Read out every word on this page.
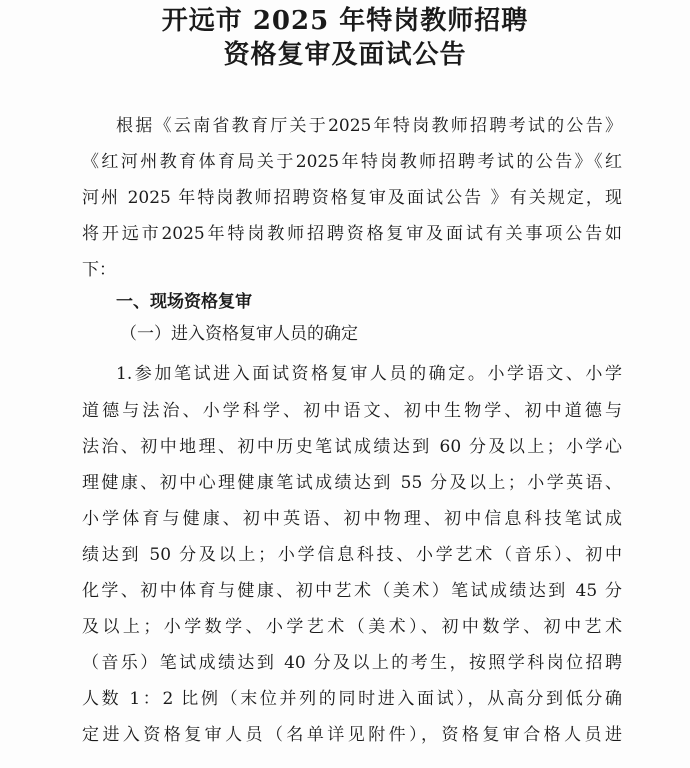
开远市 2025 年特岗教师招聘
资格复审及面试公告
根据《云南省教育厅关于2025年特岗教师招聘考试的公告》
《红河州教育体育局关于2025年特岗教师招聘考试的公告》《红
河州 2025 年特岗教师招聘资格复审及面试公告 》有关规定，现
将开远市2025年特岗教师招聘资格复审及面试有关事项公告如
下：
一、现场资格复审
（一）进入资格复审人员的确定
1.参加笔试进入面试资格复审人员的确定。小学语文、小学
道德与法治、小学科学、初中语文、初中生物学、初中道德与
法治、初中地理、初中历史笔试成绩达到 60 分及以上；小学心
理健康、初中心理健康笔试成绩达到 55 分及以上；小学英语、
小学体育与健康、初中英语、初中物理、初中信息科技笔试成
绩达到 50 分及以上；小学信息科技、小学艺术（音乐）、初中
化学、初中体育与健康、初中艺术（美术）笔试成绩达到 45 分
及以上；小学数学、小学艺术（美术）、初中数学、初中艺术
（音乐）笔试成绩达到 40 分及以上的考生，按照学科岗位招聘
人数 1：2 比例（末位并列的同时进入面试），从高分到低分确
定进入资格复审人员（名单详见附件），资格复审合格人员进
